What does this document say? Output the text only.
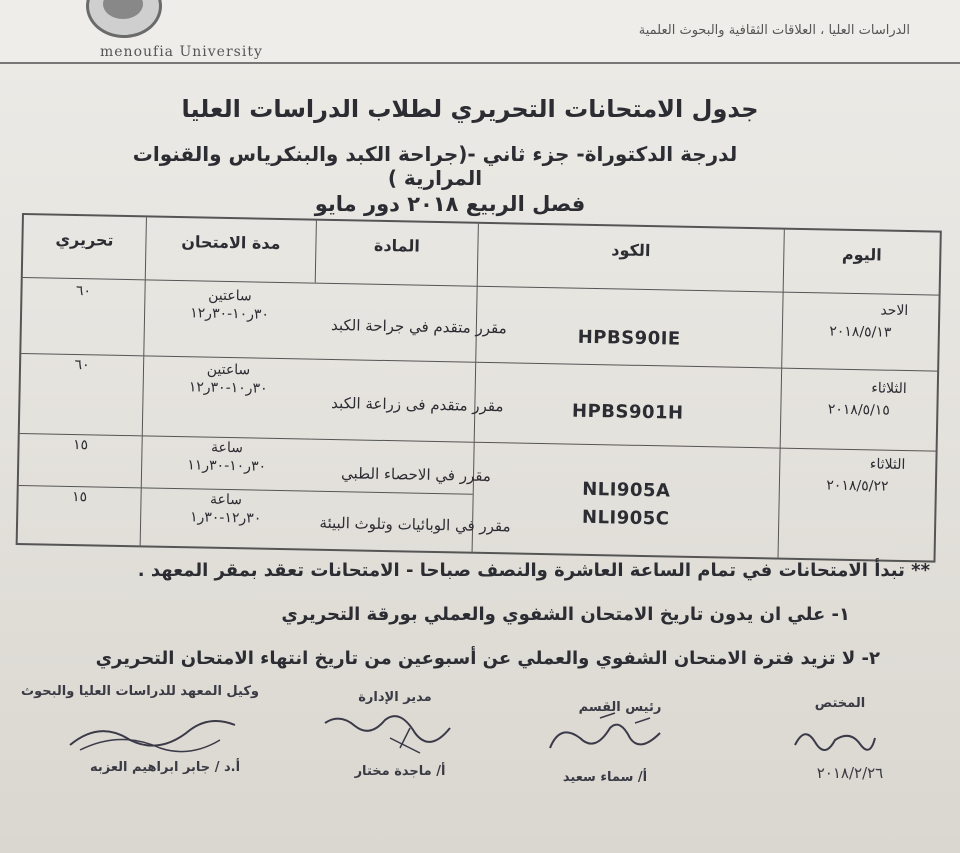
menoufia University
الدراسات العليا ، العلاقات الثقافية والبحوث العلمية
جدول الامتحانات التحريري لطلاب الدراسات العليا
لدرجة الدكتوراة- جزء ثاني -(جراحة الكبد والبنكرياس والقنوات المرارية )
فصل الربيع ٢٠١٨ دور مايو
اليوم
الكود
المادة
مدة الامتحان
تحريري
الاحد
٢٠١٨/٥/١٣
HPBS90IE
مقرر متقدم في جراحة الكبد
ساعتين
٣٠ر١٠-٣٠ر١٢
٦٠
الثلاثاء
٢٠١٨/٥/١٥
HPBS901H
مقرر متقدم فى زراعة الكبد
ساعتين
٣٠ر١٠-٣٠ر١٢
٦٠
الثلاثاء
٢٠١٨/٥/٢٢
NLI905A
NLI905C
مقرر في الاحصاء الطبي
ساعة
٣٠ر١٠-٣٠ر١١
١٥
مقرر في الوبائيات وتلوث البيئة
ساعة
٣٠ر١٢-٣٠ر١
١٥
** تبدأ الامتحانات في تمام الساعة العاشرة والنصف صباحا - الامتحانات تعقد بمقر المعهد .
١- علي ان يدون تاريخ الامتحان الشفوي والعملي بورقة التحريري
٢- لا تزيد فترة الامتحان الشفوي والعملي عن أسبوعين من تاريخ انتهاء الامتحان التحريري
المختص
٢٠١٨/٢/٢٦
رئيس القسم
أ/ سماء سعيد
مدير الإدارة
أ/ ماجدة مختار
وكيل المعهد للدراسات العليا والبحوث
أ.د / جابر ابراهيم العزبه
